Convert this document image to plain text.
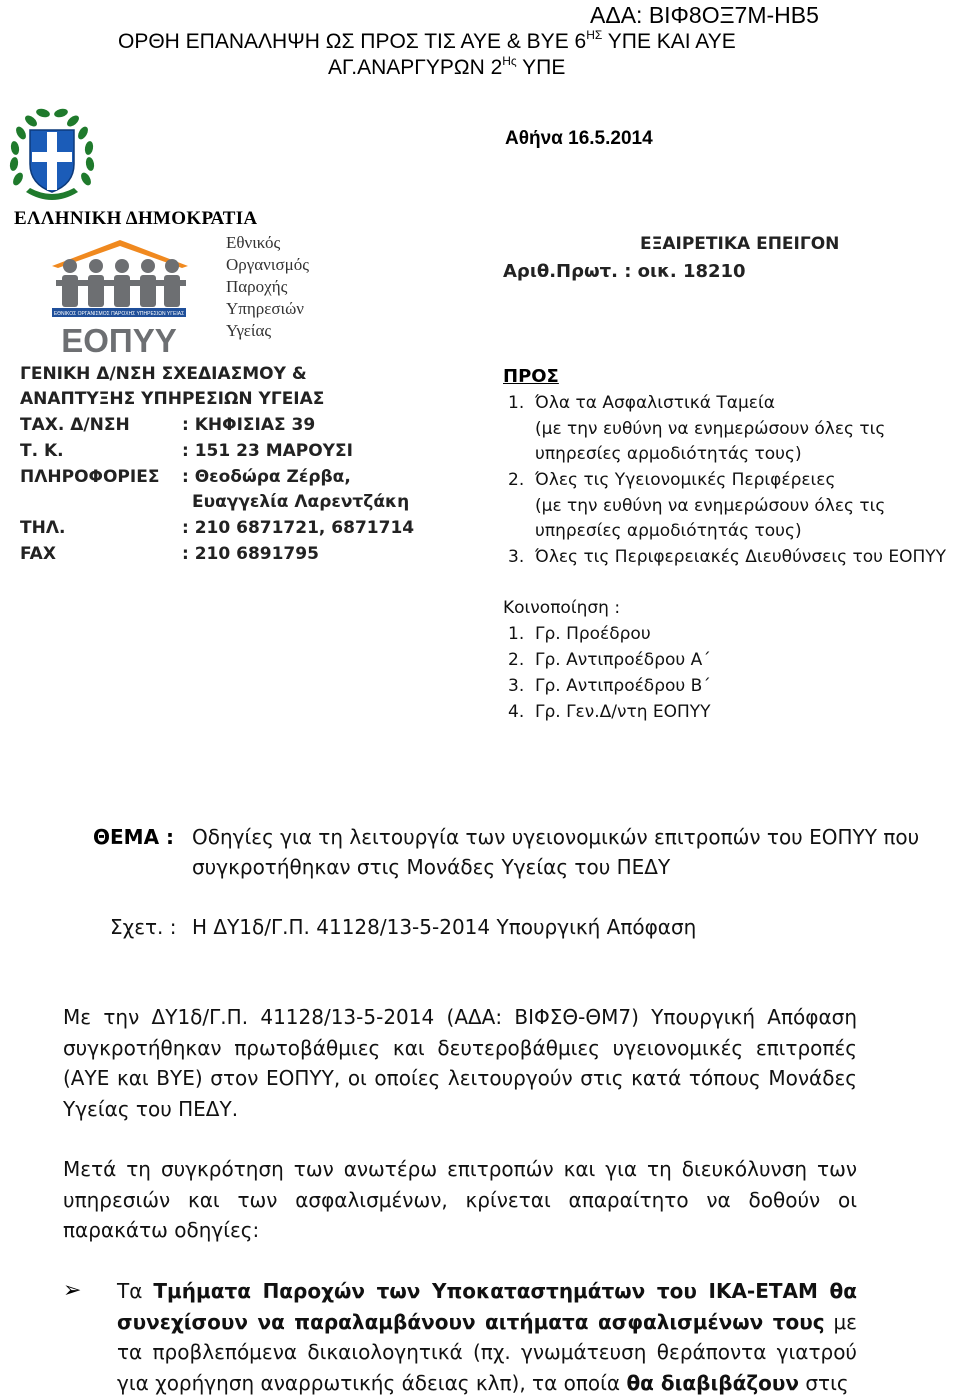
ΑΔΑ: ΒΙΦ8ΟΞ7Μ-ΗΒ5
ΟΡΘΗ ΕΠΑΝΑΛΗΨΗ ΩΣ ΠΡΟΣ ΤΙΣ ΑΥΕ & ΒΥΕ $6^{H\Sigma}$ ΥΠΕ ΚΑΙ ΑΥΕ
ΑΓ.ΑΝΑΡΓΥΡΩΝ $2^{H\varsigma}$ ΥΠΕ
Αθήνα 16.5.2014
ΕΛΛΗΝΙΚΗ ΔΗΜΟΚΡΑΤΙΑ
ΕΘΝΙΚΟΣ ΟΡΓΑΝΙΣΜΟΣ ΠΑΡΟΧΗΣ ΥΠΗΡΕΣΙΩΝ ΥΓΕΙΑΣ
ΕΟΠΥΥ
Εθνικός
Οργανισμός
Παροχής
Υπηρεσιών
Υγείας
ΓΕΝΙΚΗ Δ/ΝΣΗ ΣΧΕΔΙΑΣΜΟΥ &
ΑΝΑΠΤΥΞΗΣ ΥΠΗΡΕΣΙΩΝ ΥΓΕΙΑΣ
ΤΑΧ. Δ/ΝΣΗ	: ΚΗΦΙΣΙΑΣ 39
Τ. Κ.	: 151 23 ΜΑΡΟΥΣΙ
ΠΛΗΡΟΦΟΡΙΕΣ : Θεοδώρα Ζέρβα,
Ευαγγελία Λαρεντζάκη
ΤΗΛ.	: 210 6871721, 6871714
FAX	: 210 6891795
ΕΞΑΙΡΕΤΙΚΑ ΕΠΕΙΓΟΝ
Αριθ.Πρωτ. : οικ. 18210
ΠΡΟΣ
1. Όλα τα Ασφαλιστικά Ταμεία
(με την ευθύνη να ενημερώσουν όλες τις
υπηρεσίες αρμοδιότητάς τους)
2. Όλες τις Υγειονομικές Περιφέρειες
(με την ευθύνη να ενημερώσουν όλες τις
υπηρεσίες αρμοδιότητάς τους)
3. Όλες τις Περιφερειακές Διευθύνσεις του ΕΟΠΥΥ
Κοινοποίηση :
1. Γρ. Προέδρου
2. Γρ. Αντιπροέδρου Α΄
3. Γρ. Αντιπροέδρου Β΄
4. Γρ. Γεν.Δ/ντη ΕΟΠΥΥ
ΘΕΜΑ : Οδηγίες για τη λειτουργία των υγειονομικών επιτροπών του ΕΟΠΥΥ που
συγκροτήθηκαν στις Μονάδες Υγείας του ΠΕΔΥ
Σχετ. : Η ΔΥ1δ/Γ.Π. 41128/13-5-2014 Υπουργική Απόφαση
Με την ΔΥ1δ/Γ.Π. 41128/13-5-2014 (ΑΔΑ: ΒΙΦΣΘ-ΘΜ7) Υπουργική Απόφαση συγκροτήθηκαν πρωτοβάθμιες και δευτεροβάθμιες υγειονομικές επιτροπές (ΑΥΕ και ΒΥΕ) στον ΕΟΠΥΥ, οι οποίες λειτουργούν στις κατά τόπους Μονάδες Υγείας του ΠΕΔΥ.
Μετά τη συγκρότηση των ανωτέρω επιτροπών και για τη διευκόλυνση των υπηρεσιών και των ασφαλισμένων, κρίνεται απαραίτητο να δοθούν οι παρακάτω οδηγίες:
➢ Τα Τμήματα Παροχών των Υποκαταστημάτων του ΙΚΑ-ΕΤΑΜ θα συνεχίσουν να παραλαμβάνουν αιτήματα ασφαλισμένων τους με τα προβλεπόμενα δικαιολογητικά (πχ. γνωμάτευση θεράποντα γιατρού για χορήγηση αναρρωτικής άδειας κλπ), τα οποία θα διαβιβάζουν στις
